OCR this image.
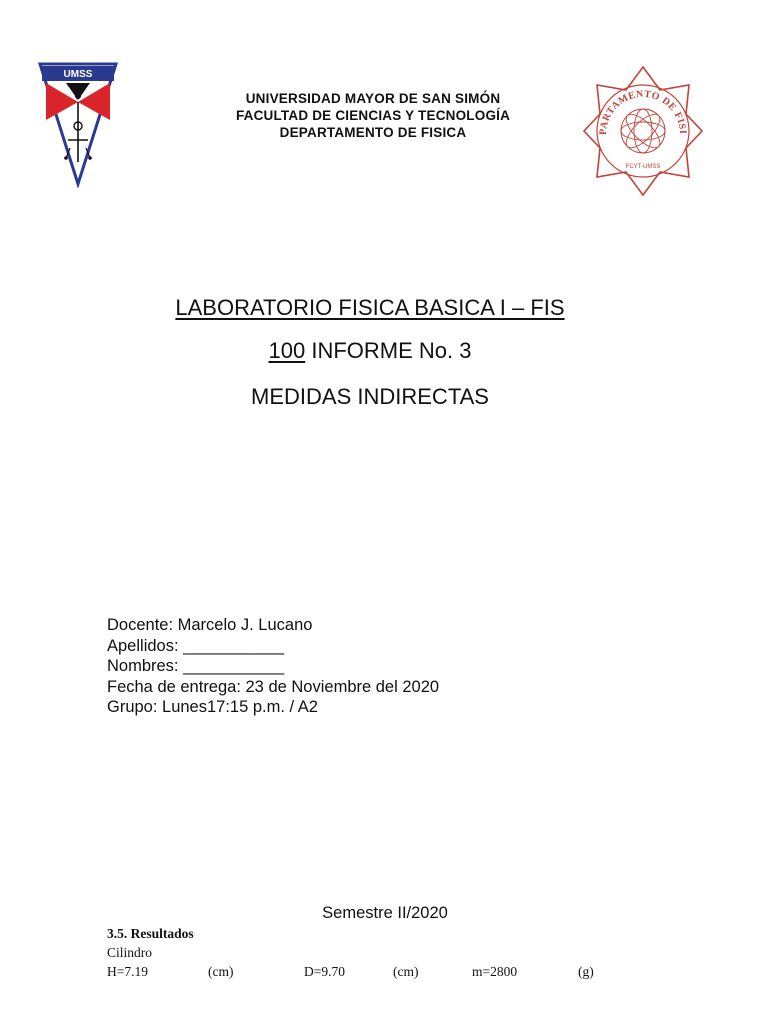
UMSS
UNIVERSIDAD MAYOR DE SAN SIMÓN
FACULTAD DE CIENCIAS Y TECNOLOGÍA
DEPARTAMENTO DE FISICA	PARTAMENTO DE FISI
FCYT-UMSS
LABORATORIO FISICA BASICA I – FIS
100 INFORME No. 3
MEDIDAS INDIRECTAS
Docente: Marcelo J. Lucano
Apellidos: ___________
Nombres: ___________
Fecha de entrega: 23 de Noviembre del 2020
Grupo: Lunes17:15 p.m. / A2
Semestre II/2020
3.5. Resultados
Cilindro
H=7.19	(cm)	D=9.70	(cm)	m=2800	(g)
